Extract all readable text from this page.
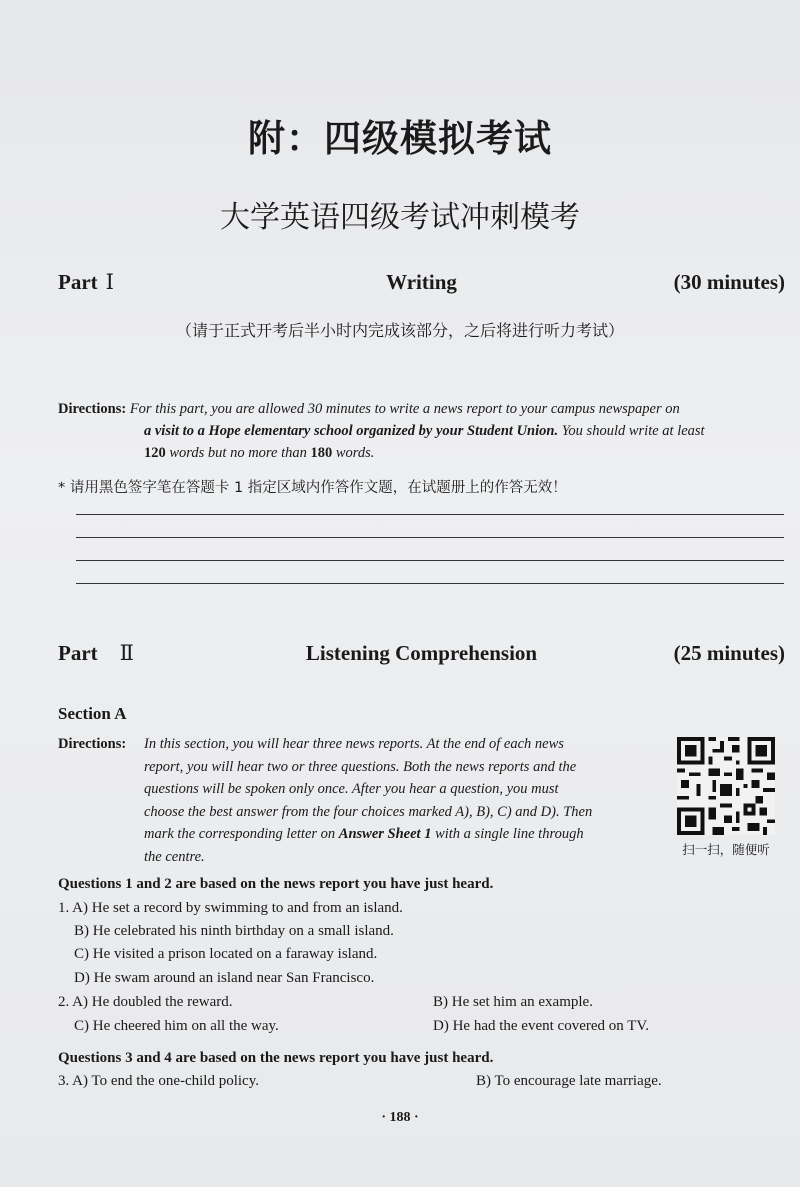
附：四级模拟考试
大学英语四级考试冲刺模考
Part Ⅰ	Writing	(30 minutes)
（请于正式开考后半小时内完成该部分，之后将进行听力考试）
Directions: For this part, you are allowed 30 minutes to write a news report to your campus newspaper on
a visit to a Hope elementary school organized by your Student Union. You should write at least
120 words but no more than 180 words.
* 请用黑色签字笔在答题卡 1 指定区域内作答作文题，在试题册上的作答无效！
Part Ⅱ	Listening Comprehension	(25 minutes)
Section A
Directions: In this section, you will hear three news reports. At the end of each news
report, you will hear two or three questions. Both the news reports and the
questions will be spoken only once. After you hear a question, you must
choose the best answer from the four choices marked A), B), C) and D). Then
mark the corresponding letter on Answer Sheet 1 with a single line through
the centre.	扫一扫，随便听
Questions 1 and 2 are based on the news report you have just heard.
1. A) He set a record by swimming to and from an island.
B) He celebrated his ninth birthday on a small island.
C) He visited a prison located on a faraway island.
D) He swam around an island near San Francisco.
2. A) He doubled the reward.	B) He set him an example.
C) He cheered him on all the way.	D) He had the event covered on TV.
Questions 3 and 4 are based on the news report you have just heard.
3. A) To end the one-child policy.	B) To encourage late marriage.
· 188 ·
